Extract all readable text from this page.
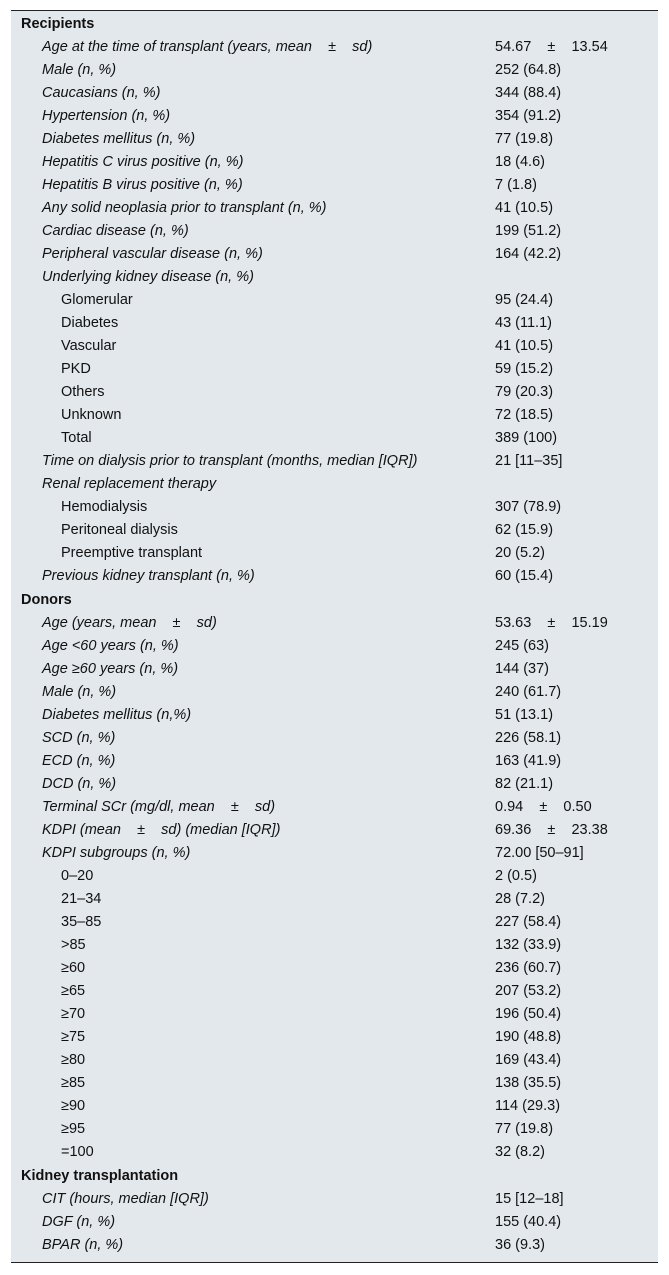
Recipients
Age at the time of transplant (years, mean    ±    sd)	54.67    ±    13.54
Male (n, %)	252 (64.8)
Caucasians (n, %)	344 (88.4)
Hypertension (n, %)	354 (91.2)
Diabetes mellitus (n, %)	77 (19.8)
Hepatitis C virus positive (n, %)	18 (4.6)
Hepatitis B virus positive (n, %)	7 (1.8)
Any solid neoplasia prior to transplant (n, %)	41 (10.5)
Cardiac disease (n, %)	199 (51.2)
Peripheral vascular disease (n, %)	164 (42.2)
Underlying kidney disease (n, %)
Glomerular	95 (24.4)
Diabetes	43 (11.1)
Vascular	41 (10.5)
PKD	59 (15.2)
Others	79 (20.3)
Unknown	72 (18.5)
Total	389 (100)
Time on dialysis prior to transplant (months, median [IQR])	21 [11–35]
Renal replacement therapy
Hemodialysis	307 (78.9)
Peritoneal dialysis	62 (15.9)
Preemptive transplant	20 (5.2)
Previous kidney transplant (n, %)	60 (15.4)
Donors
Age (years, mean    ±    sd)	53.63    ±    15.19
Age <60 years (n, %)	245 (63)
Age ≥60 years (n, %)	144 (37)
Male (n, %)	240 (61.7)
Diabetes mellitus (n,%)	51 (13.1)
SCD (n, %)	226 (58.1)
ECD (n, %)	163 (41.9)
DCD (n, %)	82 (21.1)
Terminal SCr (mg/dl, mean    ±    sd)	0.94    ±    0.50
KDPI (mean    ±    sd) (median [IQR])	69.36    ±    23.38
KDPI subgroups (n, %)	72.00 [50–91]
0–20	2 (0.5)
21–34	28 (7.2)
35–85	227 (58.4)
>85	132 (33.9)
≥60	236 (60.7)
≥65	207 (53.2)
≥70	196 (50.4)
≥75	190 (48.8)
≥80	169 (43.4)
≥85	138 (35.5)
≥90	114 (29.3)
≥95	77 (19.8)
=100	32 (8.2)
Kidney transplantation
CIT (hours, median [IQR])	15 [12–18]
DGF (n, %)	155 (40.4)
BPAR (n, %)	36 (9.3)
